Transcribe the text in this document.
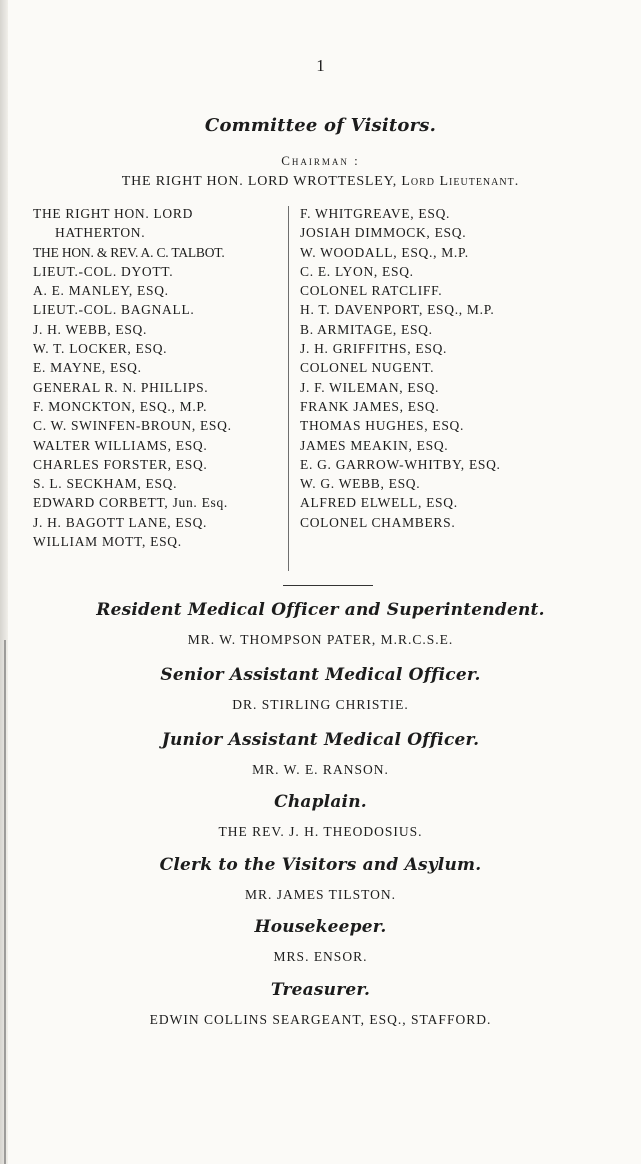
1
Committee of Visitors.
Chairman :
THE RIGHT HON. LORD WROTTESLEY, Lord Lieutenant.

THE RIGHT HON. LORD

HATHERTON.

THE HON. & REV. A. C. TALBOT.

LIEUT.-COL. DYOTT.

A. E. MANLEY, ESQ.

LIEUT.-COL. BAGNALL.

J. H. WEBB, ESQ.

W. T. LOCKER, ESQ.

E. MAYNE, ESQ.

GENERAL R. N. PHILLIPS.

F. MONCKTON, ESQ., M.P.

C. W. SWINFEN-BROUN, ESQ.

WALTER WILLIAMS, ESQ.

CHARLES FORSTER, ESQ.

S. L. SECKHAM, ESQ.

EDWARD CORBETT, Jun. Esq.

J. H. BAGOTT LANE, ESQ.

WILLIAM MOTT, ESQ.

F. WHITGREAVE, ESQ.

JOSIAH DIMMOCK, ESQ.

W. WOODALL, ESQ., M.P.

C. E. LYON, ESQ.

COLONEL RATCLIFF.

H. T. DAVENPORT, ESQ., M.P.

B. ARMITAGE, ESQ.

J. H. GRIFFITHS, ESQ.

COLONEL NUGENT.

J. F. WILEMAN, ESQ.

FRANK JAMES, ESQ.

THOMAS HUGHES, ESQ.

JAMES MEAKIN, ESQ.

E. G. GARROW-WHITBY, ESQ.

W. G. WEBB, ESQ.

ALFRED ELWELL, ESQ.

COLONEL CHAMBERS.

Resident Medical Officer and Superintendent.
MR. W. THOMPSON PATER, M.R.C.S.E.
Senior Assistant Medical Officer.
DR. STIRLING CHRISTIE.
Junior Assistant Medical Officer.
MR. W. E. RANSON.
Chaplain.
THE REV. J. H. THEODOSIUS.
Clerk to the Visitors and Asylum.
MR. JAMES TILSTON.
Housekeeper.
MRS. ENSOR.
Treasurer.
EDWIN COLLINS SEARGEANT, ESQ., STAFFORD.
